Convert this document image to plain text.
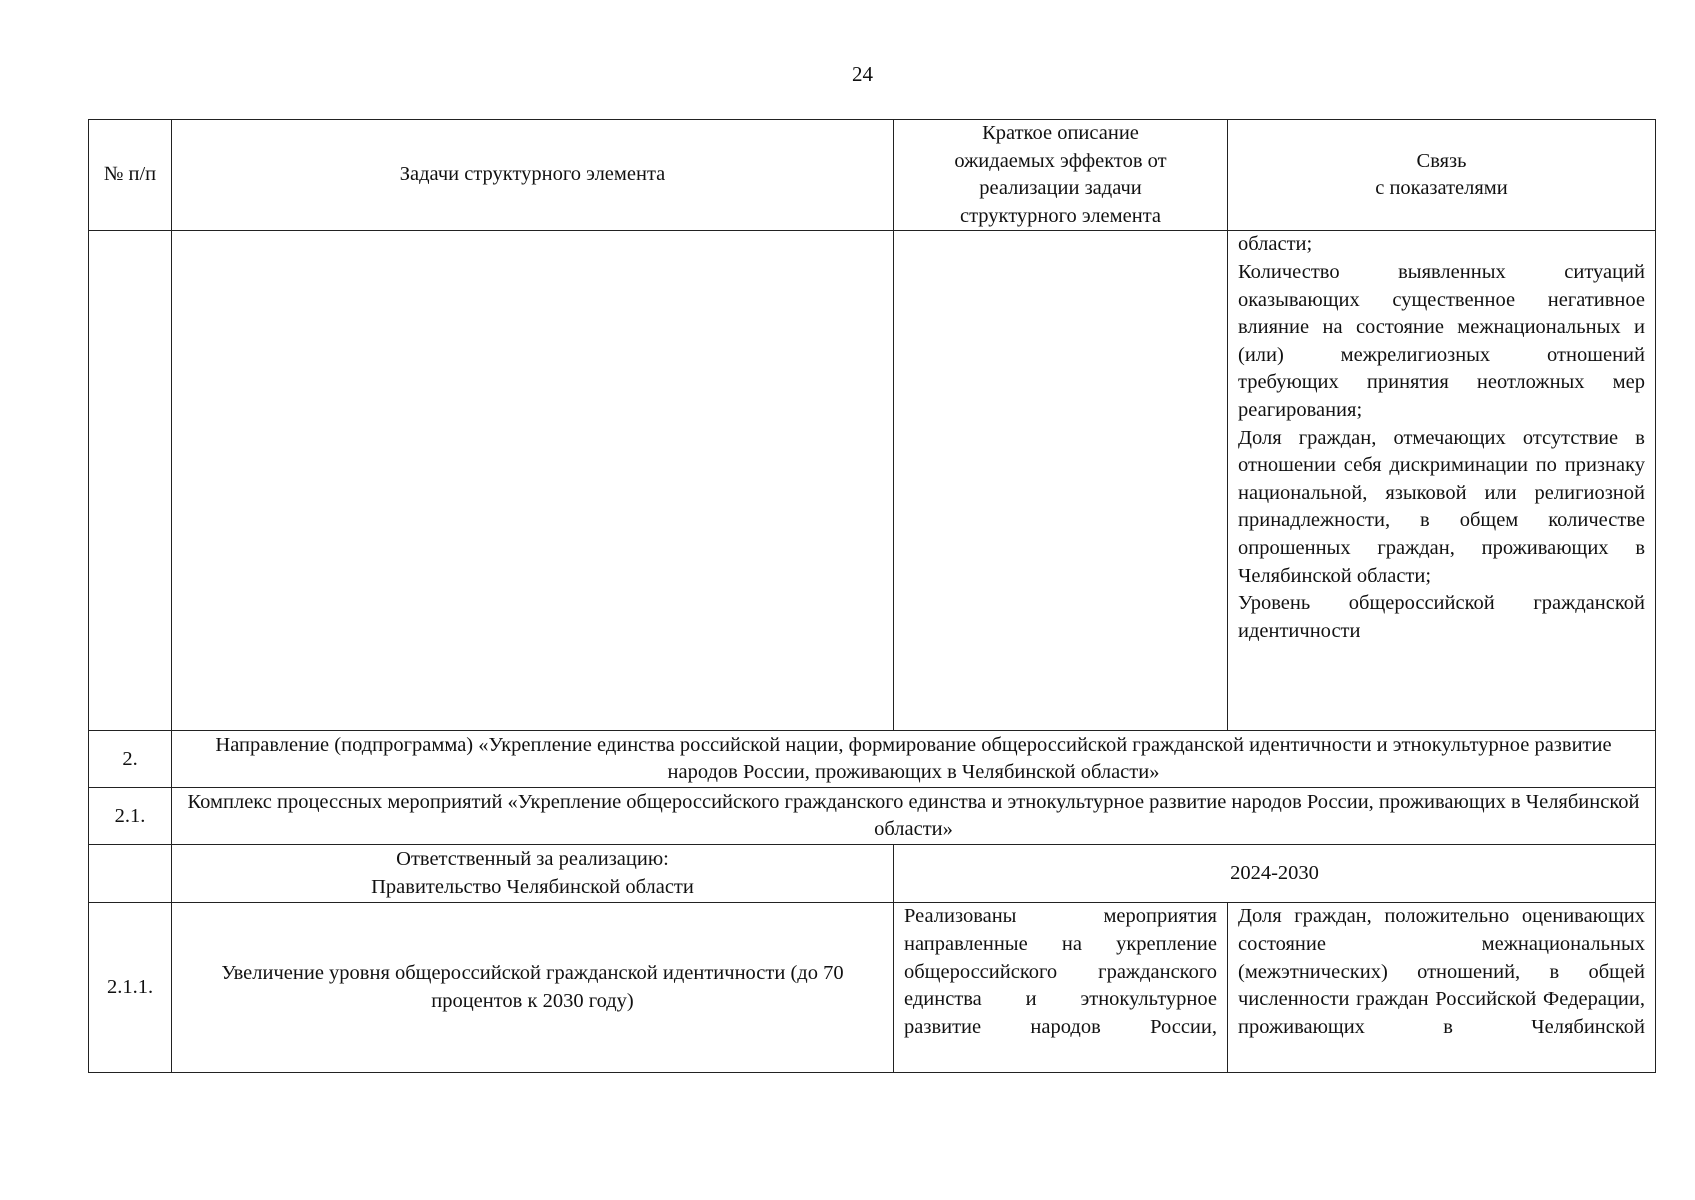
24
№ п/п	Задачи структурного элемента	Краткое описание
ожидаемых эффектов от
реализации задачи
структурного элемента	Связь
с показателями

			области;
Количество выявленных ситуаций оказывающих существенное негативное влияние на состояние межнациональных и (или) межрелигиозных отношений требующих принятия неотложных мер реагирования;
Доля граждан, отмечающих отсутствие в отношении себя дискриминации по признаку национальной, языковой или религиозной принадлежности, в общем количестве опрошенных граждан, проживающих в Челябинской области;
Уровень общероссийской гражданской идентичности

2.	Направление (подпрограмма) «Укрепление единства российской нации, формирование общероссийской гражданской идентичности и этнокультурное развитие народов России, проживающих в Челябинской области»		
2.1.	Комплекс процессных мероприятий «Укрепление общероссийского гражданского единства и этнокультурное развитие народов России, проживающих в Челябинской области»		

	Ответственный за реализацию:
Правительство Челябинской области	2024-2030	
2.1.1.	Увеличение уровня общероссийской гражданской идентичности (до 70 процентов к 2030 году)	Реализованы мероприятия направленные на укрепление общероссийского гражданского единства и этнокультурное развитие народов России,	Доля граждан, положительно оценивающих состояние межнациональных (межэтнических) отношений, в общей численности граждан Российской Федерации, проживающих в Челябинской
